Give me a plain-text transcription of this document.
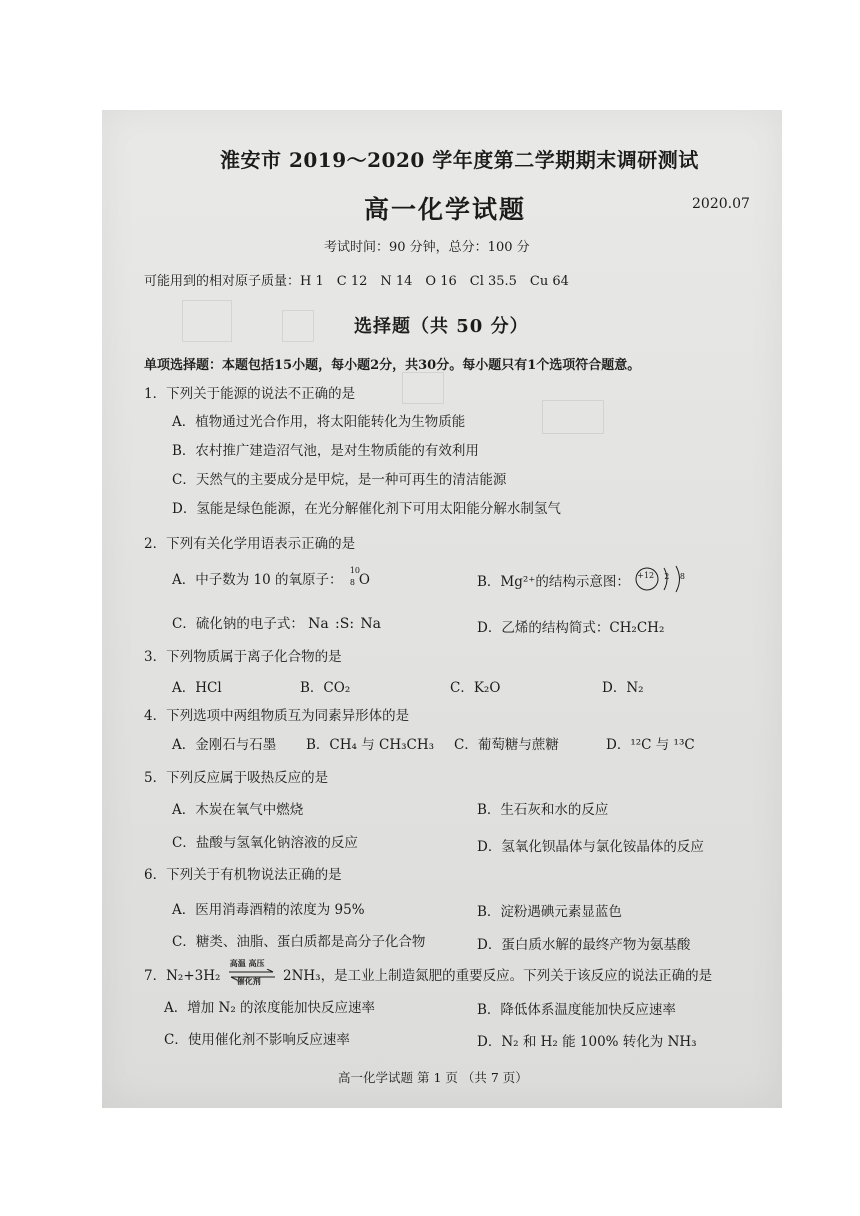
淮安市 2019～2020 学年度第二学期期末调研测试
高一化学试题	2020.07
考试时间：90 分钟，总分：100 分
可能用到的相对原子质量：H 1　C 12　N 14　O 16　Cl 35.5　Cu 64
选择题（共 50 分）
单项选择题：本题包括15小题，每小题2分，共30分。每小题只有1个选项符合题意。
1．下列关于能源的说法不正确的是
A．植物通过光合作用，将太阳能转化为生物质能
B．农村推广建造沼气池，是对生物质能的有效利用
C．天然气的主要成分是甲烷，是一种可再生的清洁能源
D．氢能是绿色能源，在光分解催化剂下可用太阳能分解水制氢气
2．下列有关化学用语表示正确的是
A．中子数为 10 的氧原子：
10
8 O	B．Mg²⁺的结构示意图： +12 2 8
C．硫化钠的电子式： Na :S: Na	D．乙烯的结构简式：CH₂CH₂
3．下列物质属于离子化合物的是
A．HCl	B．CO₂	C．K₂O	D．N₂
4．下列选项中两组物质互为同素异形体的是
A．金刚石与石墨 B．CH₄ 与 CH₃CH₃ C．葡萄糖与蔗糖	D．¹²C 与 ¹³C
5．下列反应属于吸热反应的是
A．木炭在氧气中燃烧	B．生石灰和水的反应
C．盐酸与氢氧化钠溶液的反应	D．氢氧化钡晶体与氯化铵晶体的反应
6．下列关于有机物说法正确的是
A．医用消毒酒精的浓度为 95%	B．淀粉遇碘元素显蓝色
C．糖类、油脂、蛋白质都是高分子化合物	D．蛋白质水解的最终产物为氨基酸
7．N₂+3H₂
高温 高压
催化剂 2NH₃，是工业上制造氮肥的重要反应。下列关于该反应的说法正确的是
A．增加 N₂ 的浓度能加快反应速率	B．降低体系温度能加快反应速率
C．使用催化剂不影响反应速率	D．N₂ 和 H₂ 能 100% 转化为 NH₃
高一化学试题 第 1 页 （共 7 页）
